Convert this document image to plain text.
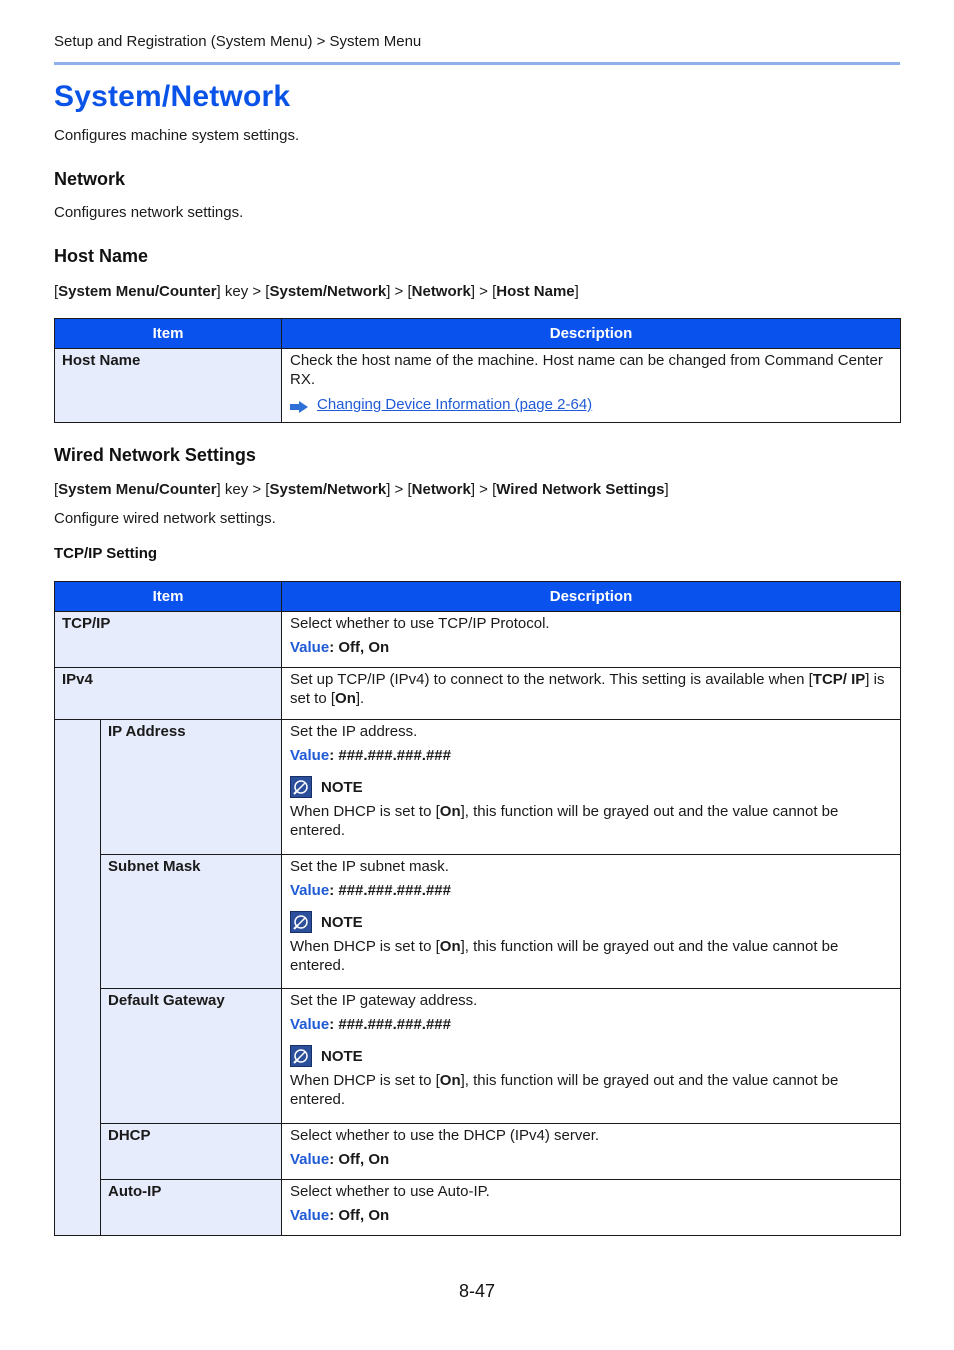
Setup and Registration (System Menu) > System Menu
System/Network
Configures machine system settings.
Network
Configures network settings.
Host Name
[System Menu/Counter] key > [System/Network] > [Network] > [Host Name]
Item	Description
Host Name	Check the host name of the machine. Host name can be changed from Command Center RX.
Changing Device Information (page 2-64)
Wired Network Settings
[System Menu/Counter] key > [System/Network] > [Network] > [Wired Network Settings]
Configure wired network settings.
TCP/IP Setting
Item		Description
TCP/IP		Select whether to use TCP/IP Protocol.
Value: Off, On

IPv4		Set up TCP/IP (IPv4) to connect to the network. This setting is available when [TCP/ IP] is set to [On].
	IP Address	Set the IP address.
Value: ###.###.###.###
NOTE
When DHCP is set to [On], this function will be grayed out and the value cannot be entered.

	Subnet Mask	Set the IP subnet mask.
Value: ###.###.###.###
NOTE
When DHCP is set to [On], this function will be grayed out and the value cannot be entered.

	Default Gateway	Set the IP gateway address.
Value: ###.###.###.###
NOTE
When DHCP is set to [On], this function will be grayed out and the value cannot be entered.

	DHCP	Select whether to use the DHCP (IPv4) server.
Value: Off, On

	Auto-IP	Select whether to use Auto-IP.
Value: Off, On
8-47
